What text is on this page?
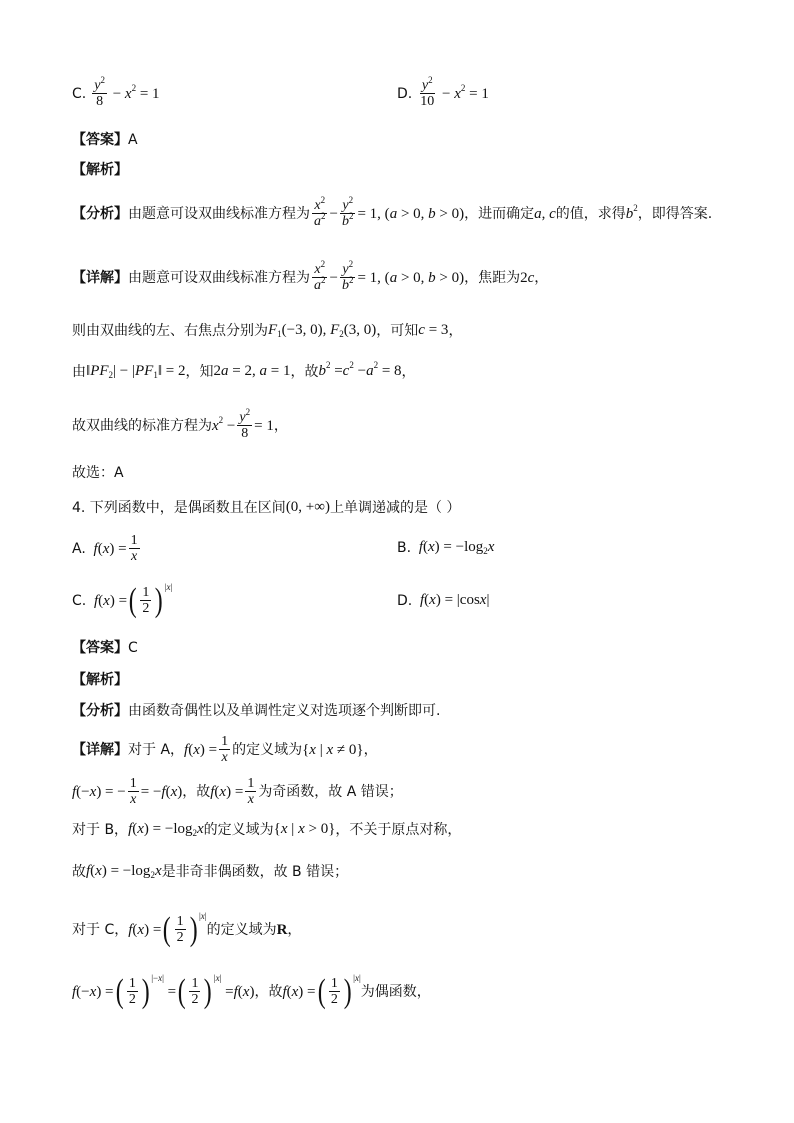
C. $\frac{y^2}{8} - x^2$
= 1	D. $\frac{y^2}{10} - x^2$
= 1
【答案】 A
【解析】
【分析】 由题意可设双曲线标准方程为 $\frac{x^2}{a^2} - \frac{y^2}{b^2} = 1$, ( a > 0, b > 0) ，进而确定 a , c 的值，求得 $b^2$ ，即得答案.
【详解】 由题意可设双曲线标准方程为 $\frac{x^2}{a^2} - \frac{y^2}{b^2} = 1$, ( a > 0, b > 0) ，焦距为 2 c ，
则由双曲线的左、右焦点分别为 $F_1$ (−3, 0), $F_2$ (3, 0) ，可知 c = 3 ，
由 ‖ $PF_2$ | − | $PF_1$ ‖ = 2 ，知 2 a = 2, a = 1 ，故 $b^2 = c^2 - a^2 = 8$ ，
故双曲线的标准方程为 $x^2 - \frac{y^2}{8} = 1$ ，
故选：A
4. 下列函数中，是偶函数且在区间 (0, +∞) 上单调递减的是（ ）
A.
f ( x ) = $\frac{1}{x}$	B.
f ( x ) = $-\log_2$ x
C.
f ( x ) = ( $\frac{1}{2} )^{|x|}$
D.
f ( x ) = |cos x |
【答案】 C
【解析】
【分析】 由函数奇偶性以及单调性定义对选项逐个判断即可.
【详解】 对于 A， f ( x ) = $\frac{1}{x}$ 的定义域为 { x | x ≠ 0} ，
f (− x ) = − $\frac{1}{x}$ = − f ( x ) ，故 f ( x ) = $\frac{1}{x}$ 为奇函数，故 A 错误；
对于 B， f ( x ) = $-\log_2$ x 的定义域为 { x | x > 0} ，不关于原点对称，
故 f ( x ) = $-\log_2$ x 是非奇非偶函数，故 B 错误；
对于 C， f ( x ) = ( $\frac{1}{2} )^{|x|}$
的定义域为 R ，
f (− x ) = ( $\frac{1}{2} )^{|-x|}$
= ( $\frac{1}{2} )^{|x|}$
= f ( x ) ，故 f ( x ) = ( $\frac{1}{2} )^{|x|}$
为偶函数，
